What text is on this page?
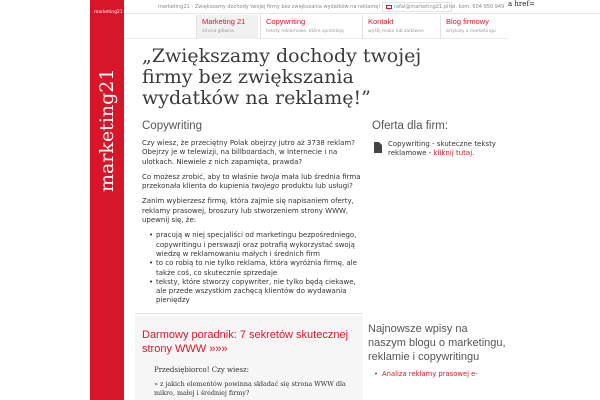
marketing21
marketing21
marketing21 - Zwiększamy dochody twojej firmy bez zwiększania wydatków na reklamę!	rafal@marketing21.pl tel. kom. 604 950 949 a href=
Marketing 21
strona główna
Copywriting
teksty reklamowe, które sprzedają
Kontakt
wyślij maila lub zadzwoń
Blog firmowy
artykuły o marketingu
„Zwiększamy dochody twojej firmy bez zwiększania wydatków na reklamę!”
Copywriting

Czy wiesz, że przeciętny Polak obejrzy jutro aż 3738 reklam? Obejrzy je w telewizji, na billboardach, w Internecie i na ulotkach. Niewiele z nich zapamięta, prawda?

Co możesz zrobić, aby to właśnie twoja mała lub średnia firma przekonała klienta do kupienia twojego produktu lub usługi?

Zanim wybierzesz firmę, która zajmie się napisaniem oferty, reklamy prasowej, broszury lub stworzeniem strony WWW, upewnij się, że:

• pracują w niej specjaliści od marketingu bezpośredniego, copywritingu i perswazji oraz potrafią wykorzystać swoją wiedzę w reklamowaniu małych i średnich firm
• to co robią to nie tylko reklama, która wyróżnia firmę, ale także coś, co skutecznie sprzedaje
• teksty, które stworzy copywriter, nie tylko będą ciekawe, ale przede wszystkim zachęcą klientów do wydawania pieniędzy
Oferta dla firm:
Copywriting - skuteczne teksty reklamowe - kliknij tutaj.
Darmowy poradnik: 7 sekretów skutecznej strony WWW »»»
Przedsiębiorco! Czy wiesz:
» z jakich elementów powinna składać się strona WWW dla mikro, małej i średniej firmy?
Najnowsze wpisy na naszym blogu o marketingu, reklamie i copywritingu
• Analiza reklamy prasowej e-
